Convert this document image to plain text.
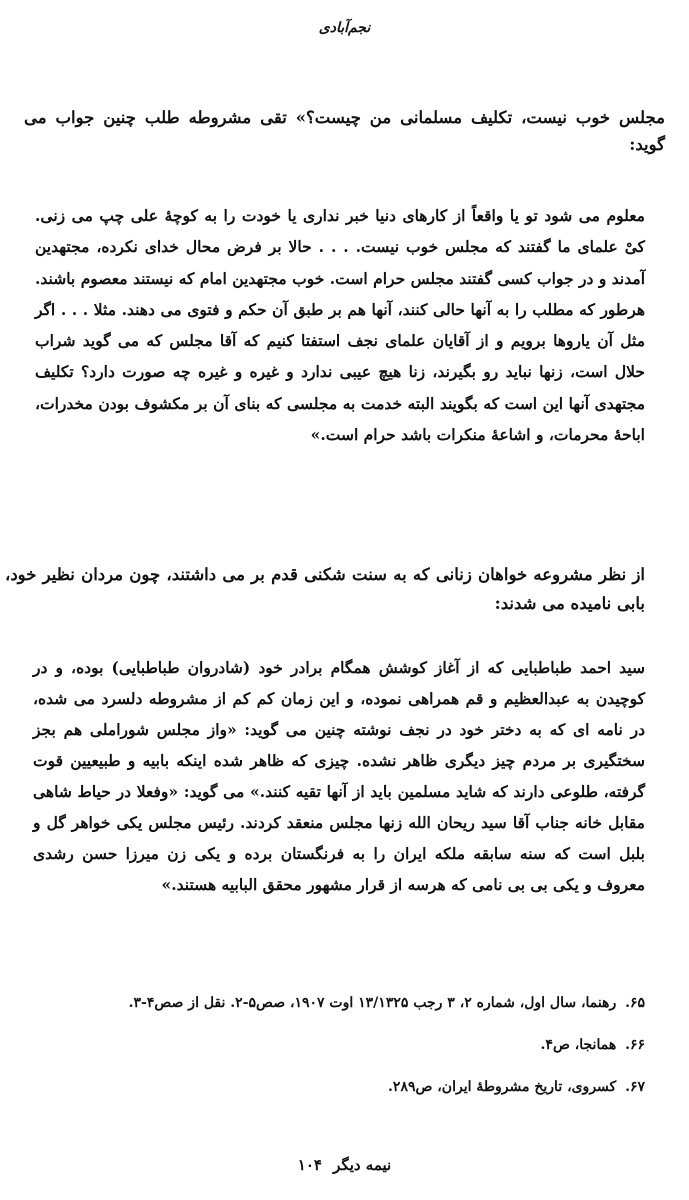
نجم‌آبادی
مجلس خوب نیست، تکلیف مسلمانی من چیست؟» تقی مشروطه طلب چنین جواب می گوید:
معلوم می شود تو یا واقعاً از کارهای دنیا خبر نداری یا خودت را به کوچهٔ علی چپ می زنی. کیْ علمای ما گفتند که مجلس خوب نیست. . . . حالا بر فرض محال خدای نکرده، مجتهدین آمدند و در جواب کسی گفتند مجلس حرام است. خوب مجتهدین امام که نیستند معصوم باشند. هرطور که مطلب را به آنها حالی کنند، آنها هم بر طبق آن حکم و فتوی می دهند. مثلا . . . اگر مثل آن یاروها برویم و از آقایان علمای نجف استفتا کنیم که آقا مجلس که می گوید شراب حلال است، زنها نباید رو بگیرند، زنا هیچ عیبی ندارد و غیره و غیره چه صورت دارد؟ تکلیف مجتهدی آنها این است که بگویند البته خدمت به مجلسی که بنای آن بر مکشوف بودن مخدرات، اباحهٔ محرمات، و اشاعهٔ منکرات باشد حرام است.»
از نظر مشروعه خواهان زنانی که به سنت شکنی قدم بر می داشتند، چون مردان نظیر خود، بابی نامیده می شدند:
سید احمد طباطبایی که از آغاز کوشش همگام برادر خود (شادروان طباطبایی) بوده، و در کوچیدن به عبدالعظیم و قم همراهی نموده، و این زمان کم کم از مشروطه دلسرد می شده، در نامه ای که به دختر خود در نجف نوشته چنین می گوید: «واز مجلس شوراملی هم بجز سختگیری بر مردم چیز دیگری ظاهر نشده. چیزی که ظاهر شده اینکه بابیه و طبیعیین قوت گرفته، طلوعی دارند که شاید مسلمین باید از آنها تقیه کنند.» می گوید: «وفعلا در حیاط شاهی مقابل خانه جناب آقا سید ریحان الله زنها مجلس منعقد کردند. رئیس مجلس یکی خواهر گل و بلبل است که سنه سابقه ملکه ایران را به فرنگستان برده و یکی زن میرزا حسن رشدی معروف و یکی بی بی نامی که هرسه از قرار مشهور محقق البابیه هستند.»

۶۵. رهنما، سال اول، شماره ۲، ۳ رجب ۱۳/۱۳۲۵ اوت ۱۹۰۷، صص۵-۲. نقل از صص۴-۳.

۶۶. همانجا، ص۴.

۶۷. کسروی، تاریخ مشروطهٔ ایران، ص۲۸۹.

نیمه دیگر ۱۰۴
